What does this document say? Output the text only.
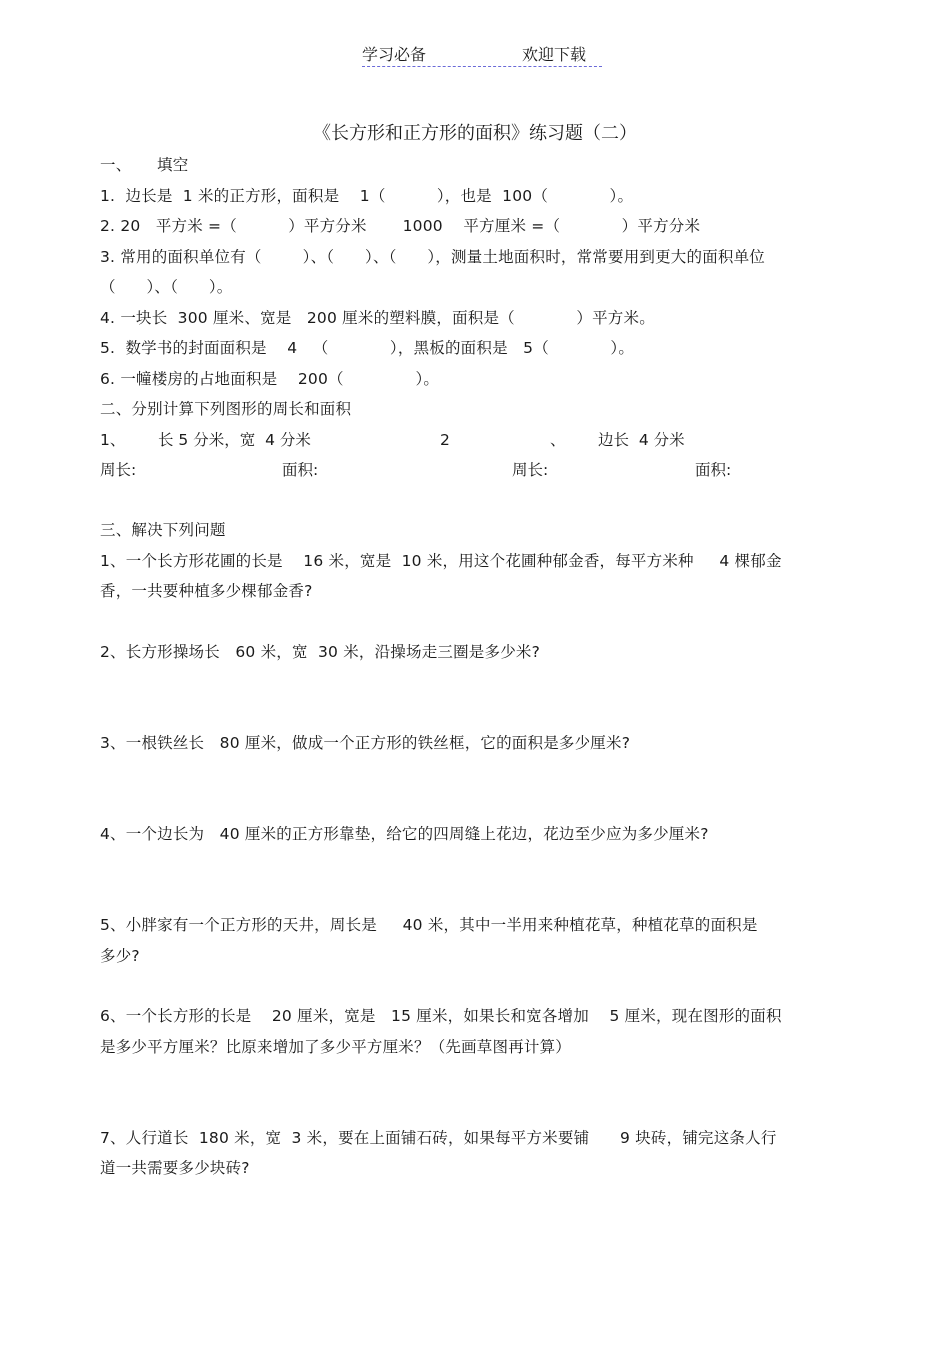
学习必备	欢迎下载
《长方形和正方形的面积》练习题（二）
一、     填空
1.  边长是  1 米的正方形，面积是    1（          ），也是  100（            ）。
2. 20   平方米 =（          ）平方分米       1000    平方厘米 =（            ）平方分米
3. 常用的面积单位有（        ）、（      ）、（      ），测量土地面积时，常常要用到更大的面积单位
（      ）、（      ）。
4. 一块长  300 厘米、宽是   200 厘米的塑料膜，面积是（            ）平方米。
5.  数学书的封面面积是    4   （            ），黑板的面积是   5（            ）。
6. 一幢楼房的占地面积是    200（              ）。
二、分别计算下列图形的周长和面积
1、 长 5 分米，宽  4 分米	2	、 边长  4 分米
周长:	面积:	周长:	面积:
三、解决下列问题
1、一个长方形花圃的长是    16 米，宽是  10 米，用这个花圃种郁金香，每平方米种     4 棵郁金
香，一共要种植多少棵郁金香?
2、长方形操场长   60 米，宽  30 米，沿操场走三圈是多少米?
3、一根铁丝长   80 厘米，做成一个正方形的铁丝框，它的面积是多少厘米?
4、一个边长为   40 厘米的正方形靠垫，给它的四周缝上花边，花边至少应为多少厘米?
5、小胖家有一个正方形的天井，周长是     40 米，其中一半用来种植花草，种植花草的面积是
多少?
6、一个长方形的长是    20 厘米，宽是   15 厘米，如果长和宽各增加    5 厘米，现在图形的面积
是多少平方厘米？比原来增加了多少平方厘米？（先画草图再计算）
7、人行道长  180 米，宽  3 米，要在上面铺石砖，如果每平方米要铺      9 块砖，铺完这条人行
道一共需要多少块砖?
